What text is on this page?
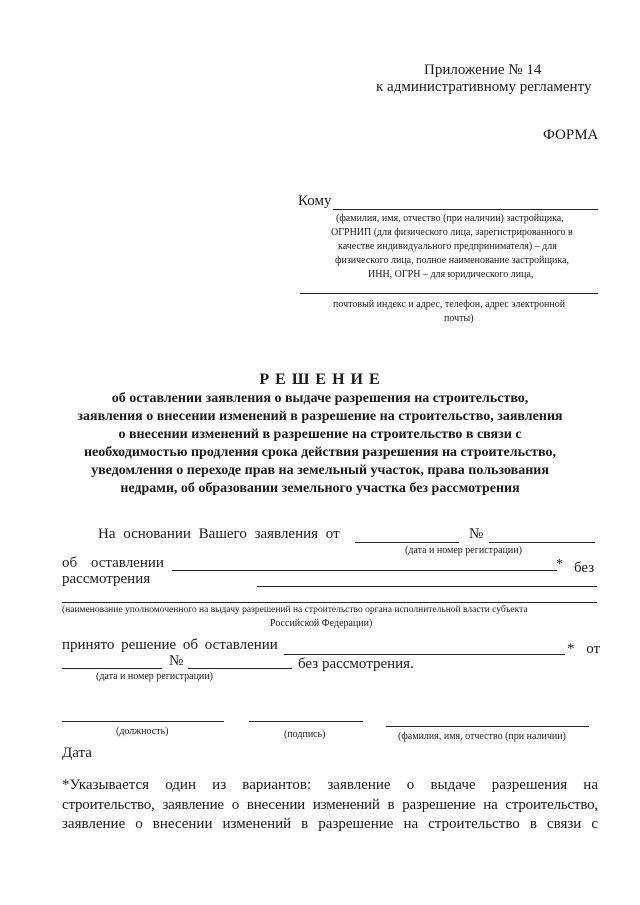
Приложение № 14
к административному регламенту
ФОРМА
Кому
(фамилия, имя, отчество (при наличии) застройщика,
ОГРНИП (для физического лица, зарегистрированного в
качестве индивидуального предпринимателя) – для
физического лица, полное наименование застройщика,
ИНН, ОГРН – для юридического лица,
почтовый индекс и адрес, телефон, адрес электронной
почты)
Р Е Ш Е Н И Е
об оставлении заявления о выдаче разрешения на строительство,
заявления о внесении изменений в разрешение на строительство, заявления
о внесении изменений в разрешение на строительство в связи с
необходимостью продления срока действия разрешения на строительство,
уведомления о переходе прав на земельный участок, права пользования
недрами, об образовании земельного участка без рассмотрения
На основании Вашего заявления от	№
(дата и номер регистрации)
об оставлении	* без
рассмотрения
(наименование уполномоченного на выдачу разрешений на строительство органа исполнительной власти субъекта
Российской Федерации)
принято решение об оставлении	* от
№	без рассмотрения.
(дата и номер регистрации)
(должность)	(подпись)	(фамилия, имя, отчество (при наличии)
Дата
*Указывается один из вариантов: заявление о выдаче разрешения на
строительство, заявление о внесении изменений в разрешение на строительство,
заявление о внесении изменений в разрешение на строительство в связи с
